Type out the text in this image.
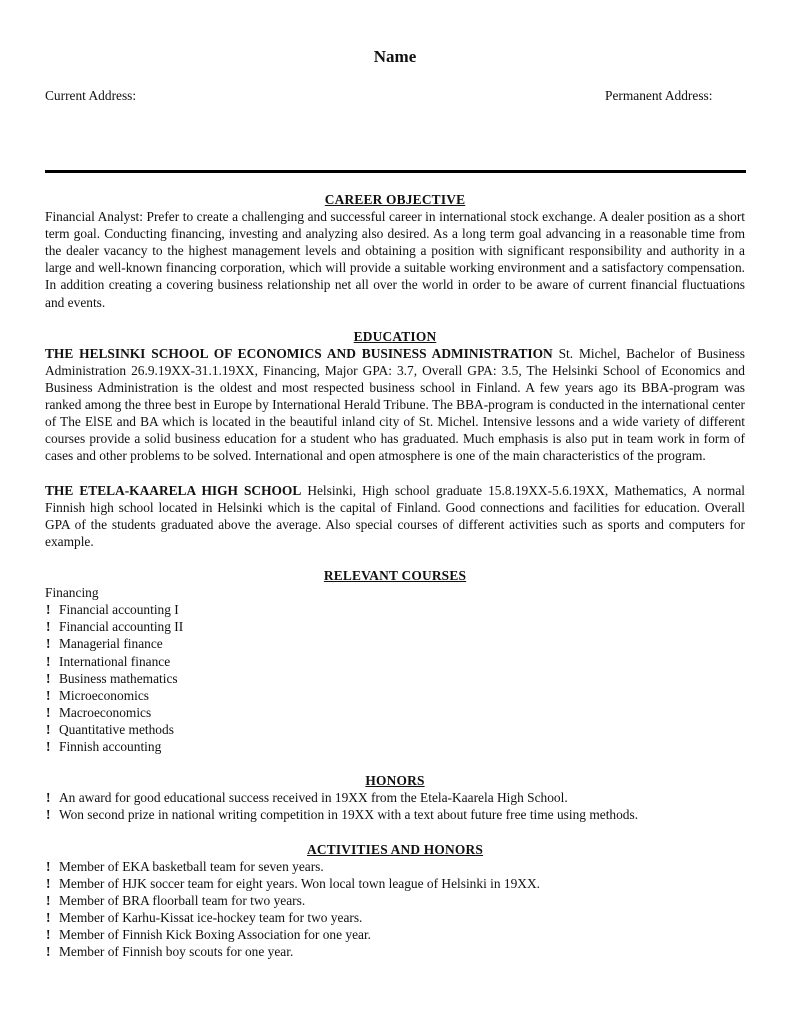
Name
Current Address:	Permanent Address:
CAREER OBJECTIVE

Financial Analyst: Prefer to create a challenging and successful career in international stock exchange. A dealer position as a short term goal. Conducting financing, investing and analyzing also desired. As a long term goal advancing in a reasonable time from the dealer vacancy to the highest management levels and obtaining a position with significant responsibility and authority in a large and well-known financing corporation, which will provide a suitable working environment and a satisfactory compensation. In addition creating a covering business relationship net all over the world in order to be aware of current financial fluctuations and events.

EDUCATION

THE HELSINKI SCHOOL OF ECONOMICS AND BUSINESS ADMINISTRATION St. Michel, Bachelor of Business Administration 26.9.19XX-31.1.19XX, Financing, Major GPA: 3.7, Overall GPA: 3.5, The Helsinki School of Economics and Business Administration is the oldest and most respected business school in Finland. A few years ago its BBA-program was ranked among the three best in Europe by International Herald Tribune. The BBA-program is conducted in the international center of The ElSE and BA which is located in the beautiful inland city of St. Michel. Intensive lessons and a wide variety of different courses provide a solid business education for a student who has graduated. Much emphasis is also put in team work in form of cases and other problems to be solved. International and open atmosphere is one of the main characteristics of the program.

THE ETELA-KAARELA HIGH SCHOOL Helsinki, High school graduate 15.8.19XX-5.6.19XX, Mathematics, A normal Finnish high school located in Helsinki which is the capital of Finland. Good connections and facilities for education. Overall GPA of the students graduated above the average. Also special courses of different activities such as sports and computers for example.

RELEVANT COURSES
Financing
! Financial accounting I
! Financial accounting II
! Managerial finance
! International finance
! Business mathematics
! Microeconomics
! Macroeconomics
! Quantitative methods
! Finnish accounting
HONORS
! An award for good educational success received in 19XX from the Etela-Kaarela High School.
! Won second prize in national writing competition in 19XX with a text about future free time using methods.
ACTIVITIES AND HONORS
! Member of EKA basketball team for seven years.
! Member of HJK soccer team for eight years. Won local town league of Helsinki in 19XX.
! Member of BRA floorball team for two years.
! Member of Karhu-Kissat ice-hockey team for two years.
! Member of Finnish Kick Boxing Association for one year.
! Member of Finnish boy scouts for one year.
